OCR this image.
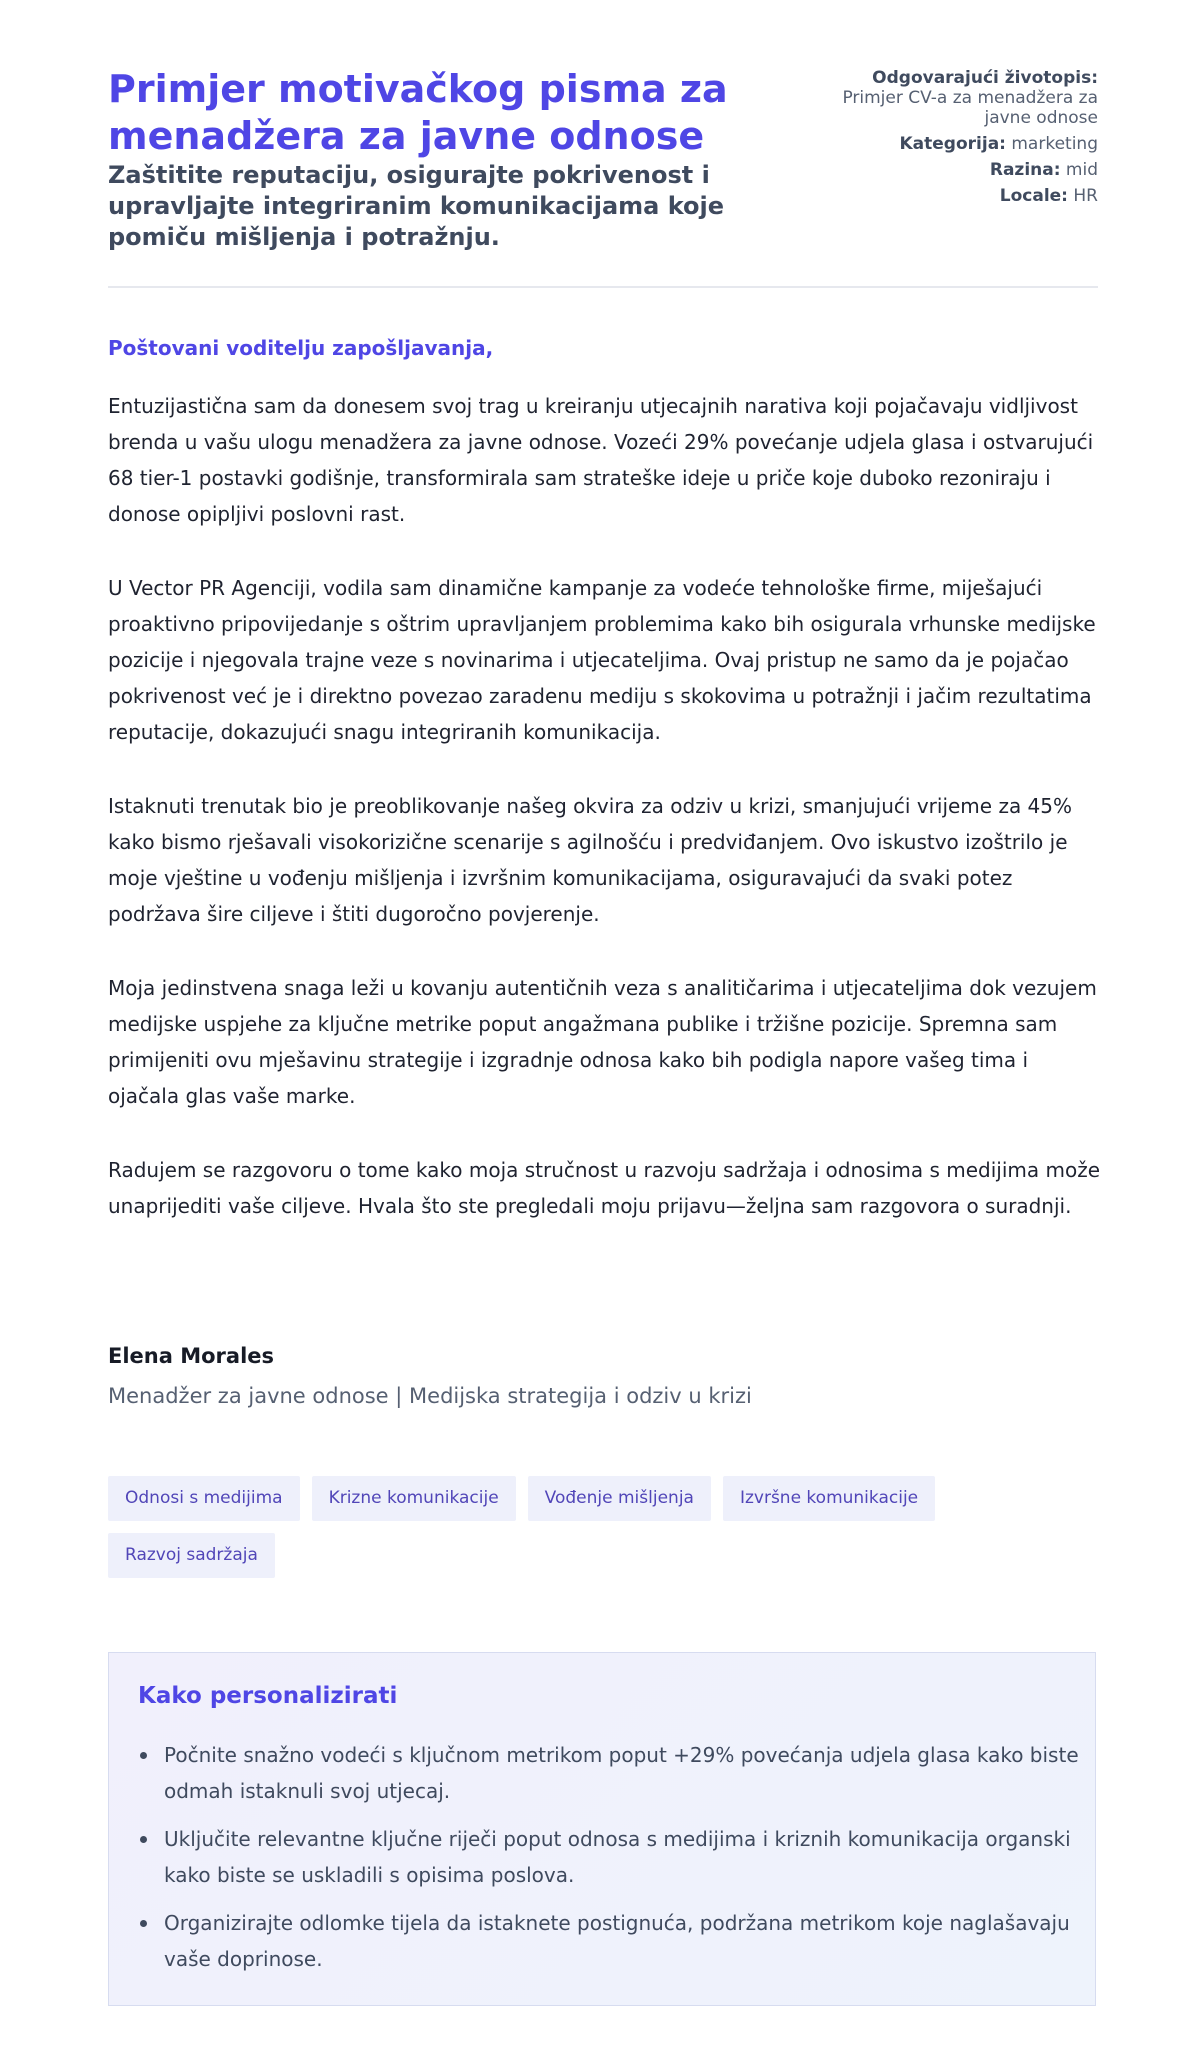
Primjer motivačkog pisma za menadžera za javne odnose
Zaštitite reputaciju, osigurajte pokrivenost i upravljajte integriranim komunikacijama koje pomiču mišljenja i potražnju.
Odgovarajući životopis:
Primjer CV-a za menadžera za javne odnose
Kategorija: marketing
Razina: mid
Locale: HR

Poštovani voditelju zapošljavanja,

Entuzijastična sam da donesem svoj trag u kreiranju utjecajnih narativa koji pojačavaju vidljivost brenda u vašu ulogu menadžera za javne odnose. Vozeći 29% povećanje udjela glasa i ostvarujući 68 tier-1 postavki godišnje, transformirala sam strateške ideje u priče koje duboko rezoniraju i donose opipljivi poslovni rast.

U Vector PR Agenciji, vodila sam dinamične kampanje za vodeće tehnološke firme, miješajući proaktivno pripovijedanje s oštrim upravljanjem problemima kako bih osigurala vrhunske medijske pozicije i njegovala trajne veze s novinarima i utjecateljima. Ovaj pristup ne samo da je pojačao pokrivenost već je i direktno povezao zaradenu mediju s skokovima u potražnji i jačim rezultatima reputacije, dokazujući snagu integriranih komunikacija.

Istaknuti trenutak bio je preoblikovanje našeg okvira za odziv u krizi, smanjujući vrijeme za 45% kako bismo rješavali visokorizične scenarije s agilnošću i predviđanjem. Ovo iskustvo izoštrilo je moje vještine u vođenju mišljenja i izvršnim komunikacijama, osiguravajući da svaki potez podržava šire ciljeve i štiti dugoročno povjerenje.

Moja jedinstvena snaga leži u kovanju autentičnih veza s analitičarima i utjecateljima dok vezujem medijske uspjehe za ključne metrike poput angažmana publike i tržišne pozicije. Spremna sam primijeniti ovu mješavinu strategije i izgradnje odnosa kako bih podigla napore vašeg tima i ojačala glas vaše marke.

Radujem se razgovoru o tome kako moja stručnost u razvoju sadržaja i odnosima s medijima može unaprijediti vaše ciljeve. Hvala što ste pregledali moju prijavu—željna sam razgovora o suradnji.

Elena Morales

Menadžer za javne odnose | Medijska strategija i odziv u krizi

Odnosi s medijima	Krizne komunikacije	Vođenje mišljenja	Izvršne komunikacije
Razvoj sadržaja
Kako personalizirati
Počnite snažno vodeći s ključnom metrikom poput +29% povećanja udjela glasa kako biste odmah istaknuli svoj utjecaj.
Uključite relevantne ključne riječi poput odnosa s medijima i kriznih komunikacija organski kako biste se uskladili s opisima poslova.
Organizirajte odlomke tijela da istaknete postignuća, podržana metrikom koje naglašavaju vaše doprinose.
